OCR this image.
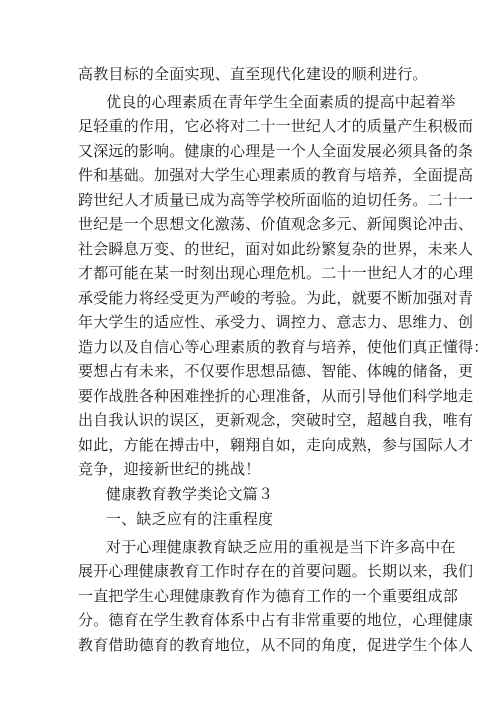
高教目标的全面实现、直至现代化建设的顺利进行。
优良的心理素质在青年学生全面素质的提高中起着举
足轻重的作用，它必将对二十一世纪人才的质量产生积极而
又深远的影响。健康的心理是一个人全面发展必须具备的条
件和基础。加强对大学生心理素质的教育与培养，全面提高
跨世纪人才质量已成为高等学校所面临的迫切任务。二十一
世纪是一个思想文化激荡、价值观念多元、新闻舆论冲击、
社会瞬息万变、的世纪，面对如此纷繁复杂的世界，未来人
才都可能在某一时刻出现心理危机。二十一世纪人才的心理
承受能力将经受更为严峻的考验。为此，就要不断加强对青
年大学生的适应性、承受力、调控力、意志力、思维力、创
造力以及自信心等心理素质的教育与培养，使他们真正懂得：
要想占有未来，不仅要作思想品德、智能、体魄的储备，更
要作战胜各种困难挫折的心理准备，从而引导他们科学地走
出自我认识的误区，更新观念，突破时空，超越自我，唯有
如此，方能在搏击中，翱翔自如，走向成熟，参与国际人才
竞争，迎接新世纪的挑战！
健康教育教学类论文篇３
一、缺乏应有的注重程度
对于心理健康教育缺乏应用的重视是当下许多高中在
展开心理健康教育工作时存在的首要问题。长期以来，我们
一直把学生心理健康教育作为德育工作的一个重要组成部
分。德育在学生教育体系中占有非常重要的地位，心理健康
教育借助德育的教育地位，从不同的角度，促进学生个体人
